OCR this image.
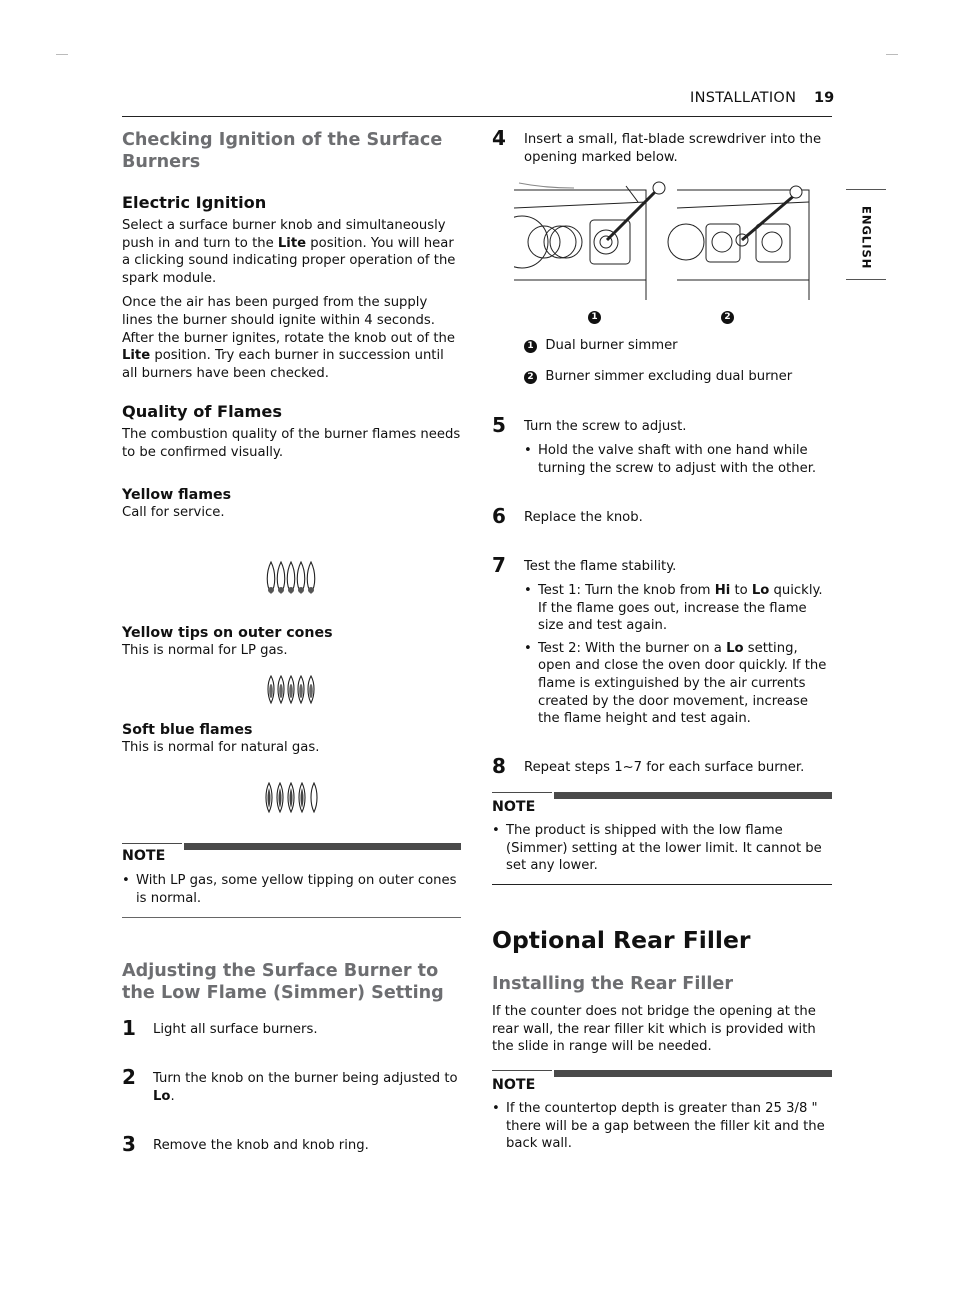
INSTALLATION 19
ENGLISH
Checking Ignition of the Surface Burners
Electric Ignition

Select a surface burner knob and simultaneously push in and turn to the Lite position. You will hear a clicking sound indicating proper operation of the spark module.

Once the air has been purged from the supply lines the burner should ignite within 4 seconds. After the burner ignites, rotate the knob out of the Lite position. Try each burner in succession until all burners have been checked.

Quality of Flames

The combustion quality of the burner flames needs to be confirmed visually.

Yellow flames

Call for service.

Yellow tips on outer cones

This is normal for LP gas.

Soft blue flames

This is normal for natural gas.

NOTE
• With LP gas, some yellow tipping on outer cones is normal.
Adjusting the Surface Burner to the Low Flame (Simmer) Setting
1 Light all surface burners.
2 Turn the knob on the burner being adjusted to Lo.
3 Remove the knob and knob ring.
4 Insert a small, flat-blade screwdriver into the opening marked below.
1	2
1 Dual burner simmer
2 Burner simmer excluding dual burner
5 Turn the screw to adjust.
• Hold the valve shaft with one hand while turning the screw to adjust with the other.
6 Replace the knob.
7 Test the flame stability.
• Test 1: Turn the knob from Hi to Lo quickly. If the flame goes out, increase the flame size and test again.
• Test 2: With the burner on a Lo setting, open and close the oven door quickly. If the flame is extinguished by the air currents created by the door movement, increase the flame height and test again.
8 Repeat steps 1~7 for each surface burner.
NOTE
• The product is shipped with the low flame (Simmer) setting at the lower limit. It cannot be set any lower.
Optional Rear Filler
Installing the Rear Filler

If the counter does not bridge the opening at the rear wall, the rear filler kit which is provided with the slide in range will be needed.

NOTE
• If the countertop depth is greater than 25 3/8 " there will be a gap between the filler kit and the back wall.
